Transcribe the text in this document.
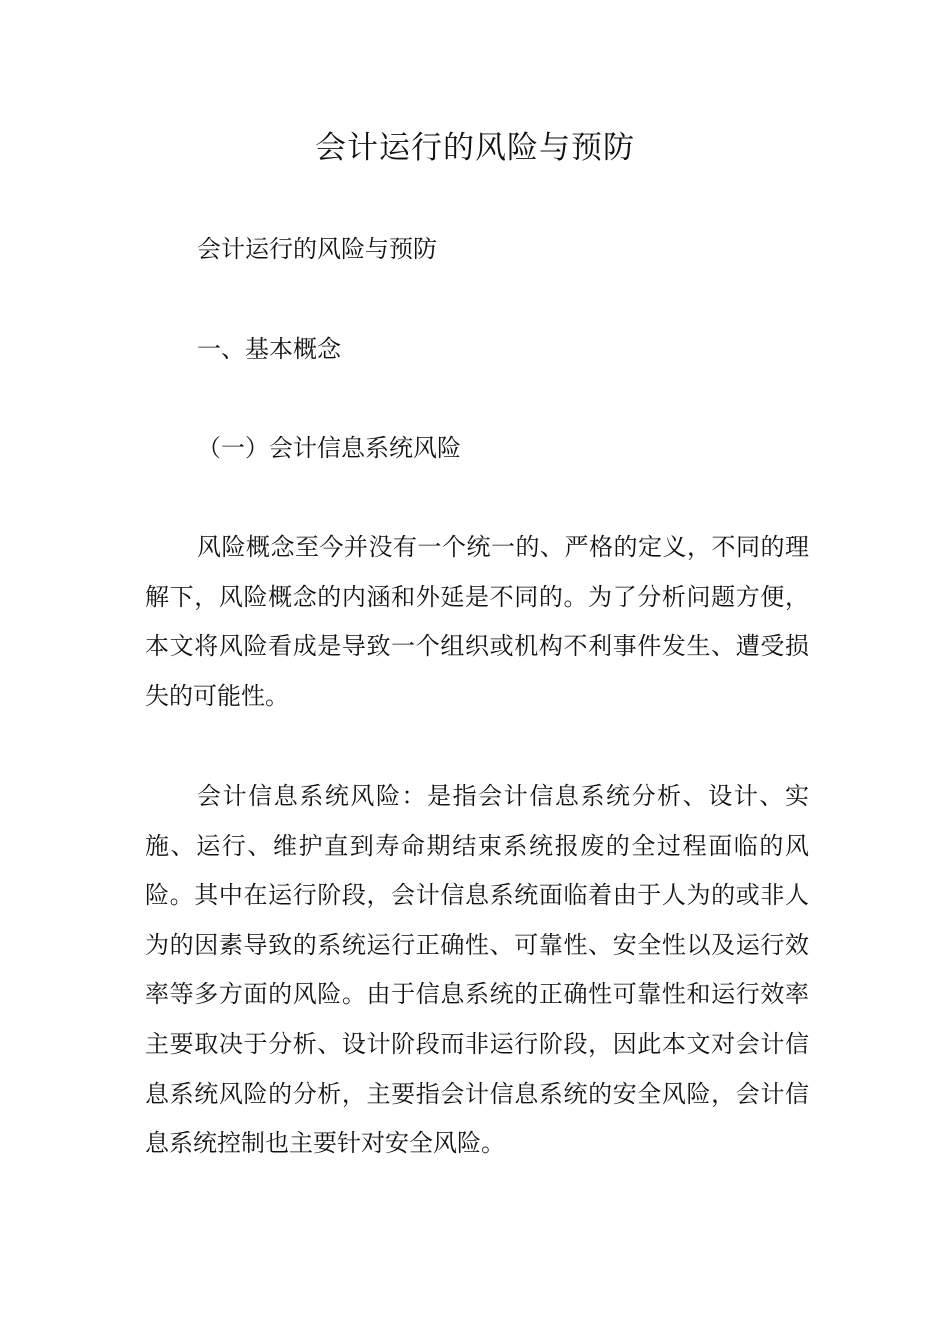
会计运行的风险与预防

会计运行的风险与预防

一、基本概念

（一）会计信息系统风险

风险概念至今并没有一个统一的、严格的定义，不同的理解下，风险概念的内涵和外延是不同的。为了分析问题方便，本文将风险看成是导致一个组织或机构不利事件发生、遭受损失的可能性。

会计信息系统风险：是指会计信息系统分析、设计、实施、运行、维护直到寿命期结束系统报废的全过程面临的风险。其中在运行阶段，会计信息系统面临着由于人为的或非人为的因素导致的系统运行正确性、可靠性、安全性以及运行效率等多方面的风险。由于信息系统的正确性可靠性和运行效率主要取决于分析、设计阶段而非运行阶段，因此本文对会计信息系统风险的分析，主要指会计信息系统的安全风险，会计信息系统控制也主要针对安全风险。
